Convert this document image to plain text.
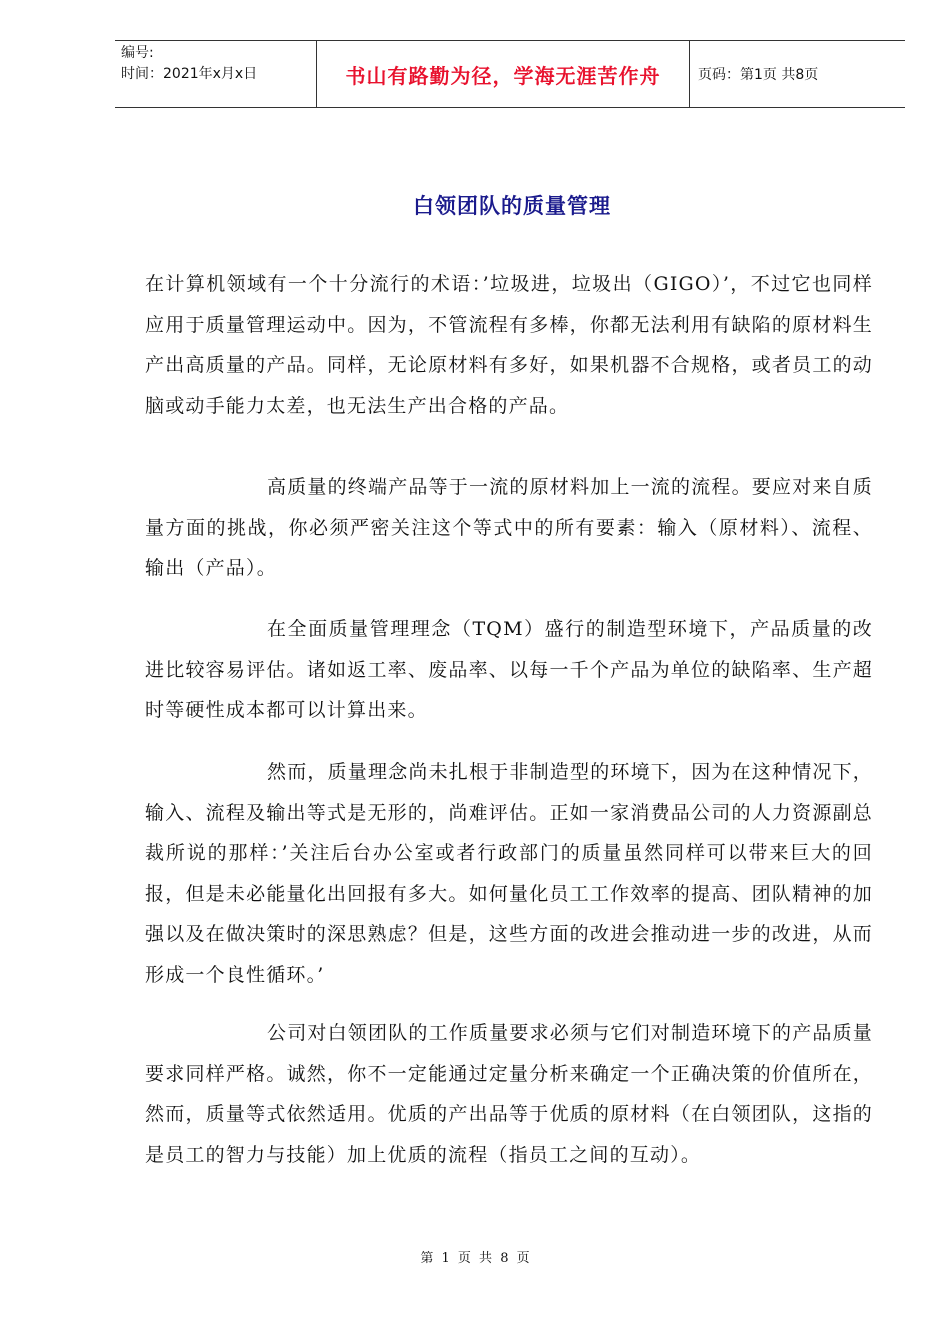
编号:
时间：2021年x月x日	书山有路勤为径，学海无涯苦作舟	页码：第1页 共8页
白领团队的质量管理

在计算机领域有一个十分流行的术语：’垃圾进，垃圾出（GIGO）’，不过它也同样应用于质量管理运动中。因为，不管流程有多棒，你都无法利用有缺陷的原材料生产出高质量的产品。同样，无论原材料有多好，如果机器不合规格，或者员工的动脑或动手能力太差，也无法生产出合格的产品。

高质量的终端产品等于一流的原材料加上一流的流程。要应对来自质量方面的挑战，你必须严密关注这个等式中的所有要素：输入（原材料）、流程、输出（产品）。

在全面质量管理理念（TQM）盛行的制造型环境下，产品质量的改进比较容易评估。诸如返工率、废品率、以每一千个产品为单位的缺陷率、生产超时等硬性成本都可以计算出来。

然而，质量理念尚未扎根于非制造型的环境下，因为在这种情况下，输入、流程及输出等式是无形的，尚难评估。正如一家消费品公司的人力资源副总裁所说的那样：’关注后台办公室或者行政部门的质量虽然同样可以带来巨大的回报，但是未必能量化出回报有多大。如何量化员工工作效率的提高、团队精神的加强以及在做决策时的深思熟虑？但是，这些方面的改进会推动进一步的改进，从而形成一个良性循环。’

公司对白领团队的工作质量要求必须与它们对制造环境下的产品质量要求同样严格。诚然，你不一定能通过定量分析来确定一个正确决策的价值所在，然而，质量等式依然适用。优质的产出品等于优质的原材料（在白领团队，这指的是员工的智力与技能）加上优质的流程（指员工之间的互动）。

第 1 页 共 8 页
